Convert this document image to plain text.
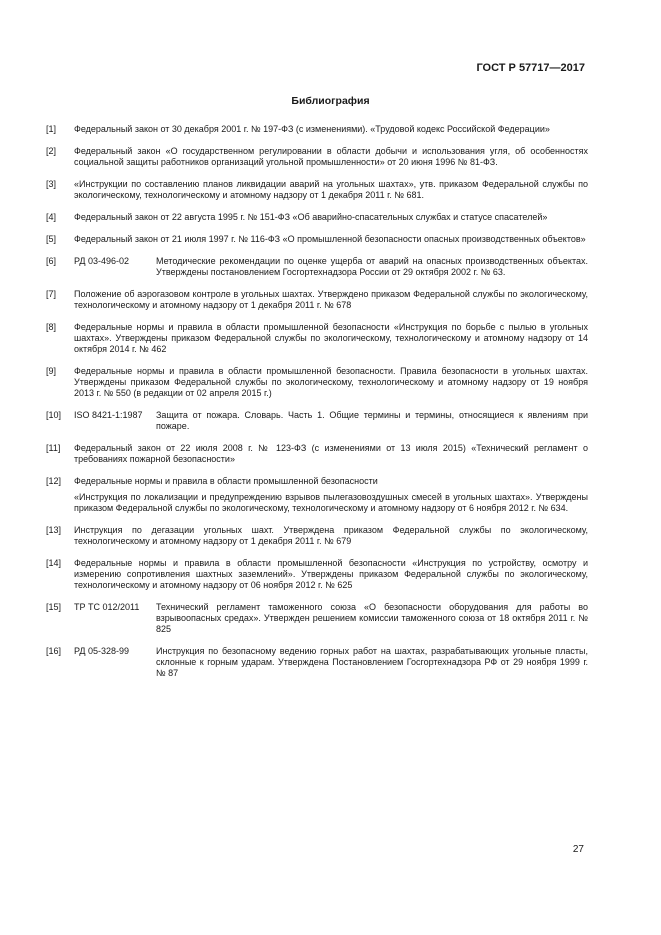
ГОСТ Р 57717—2017
Библиография
[1]	Федеральный закон от 30 декабря 2001 г. № 197-ФЗ (с изменениями). «Трудовой кодекс Российской Федерации»
[2]	Федеральный закон «О государственном регулировании в области добычи и использования угля, об особенностях социальной защиты работников организаций угольной промышленности» от 20 июня 1996 № 81-ФЗ.
[3]	«Инструкции по составлению планов ликвидации аварий на угольных шахтах», утв. приказом Федеральной службы по экологическому, технологическому и атомному надзору от 1 декабря 2011 г. № 681.
[4]	Федеральный закон от 22 августа 1995 г. № 151-ФЗ «Об аварийно-спасательных службах и статусе спасателей»
[5]	Федеральный закон от 21 июля 1997 г. № 116-ФЗ «О промышленной безопасности опасных производственных объектов»
[6]	РД 03-496-02	Методические рекомендации по оценке ущерба от аварий на опасных производственных объектах. Утверждены постановлением Госгортехнадзора России от 29 октября 2002 г. № 63.
[7]	Положение об аэрогазовом контроле в угольных шахтах. Утверждено приказом Федеральной службы по экологическому, технологическому и атомному надзору от 1 декабря 2011 г. № 678
[8]	Федеральные нормы и правила в области промышленной безопасности «Инструкция по борьбе с пылью в угольных шахтах». Утверждены приказом Федеральной службы по экологическому, технологическому и атомному надзору от 14 октября 2014 г. № 462
[9]	Федеральные нормы и правила в области промышленной безопасности. Правила безопасности в угольных шахтах. Утверждены приказом Федеральной службы по экологическому, технологическому и атомному надзору от 19 ноября 2013 г. № 550 (в редакции от 02 апреля 2015 г.)
[10]	ISO 8421-1:1987	Защита от пожара. Словарь. Часть 1. Общие термины и термины, относящиеся к явлениям при пожаре.
[11]	Федеральный закон от 22 июля 2008 г. № 123-ФЗ (с изменениями от 13 июля 2015) «Технический регламент о требованиях пожарной безопасности»
[12]	Федеральные нормы и правила в области промышленной безопасности
«Инструкция по локализации и предупреждению взрывов пылегазовоздушных смесей в угольных шахтах». Утверждены приказом Федеральной службы по экологическому, технологическому и атомному надзору от 6 ноября 2012 г. № 634.
[13]	Инструкция по дегазации угольных шахт. Утверждена приказом Федеральной службы по экологическому, технологическому и атомному надзору от 1 декабря 2011 г. № 679
[14]	Федеральные нормы и правила в области промышленной безопасности «Инструкция по устройству, осмотру и измерению сопротивления шахтных заземлений». Утверждены приказом Федеральной службы по экологическому, технологическому и атомному надзору от 06 ноября 2012 г. № 625
[15]	ТР ТС 012/2011	Технический регламент таможенного союза «О безопасности оборудования для работы во взрывоопасных средах». Утвержден решением комиссии таможенного союза от 18 октября 2011 г. № 825
[16]	РД 05-328-99	Инструкция по безопасному ведению горных работ на шахтах, разрабатывающих угольные пласты, склонные к горным ударам. Утверждена Постановлением Госгортехнадзора РФ от 29 ноября 1999 г. № 87
27
